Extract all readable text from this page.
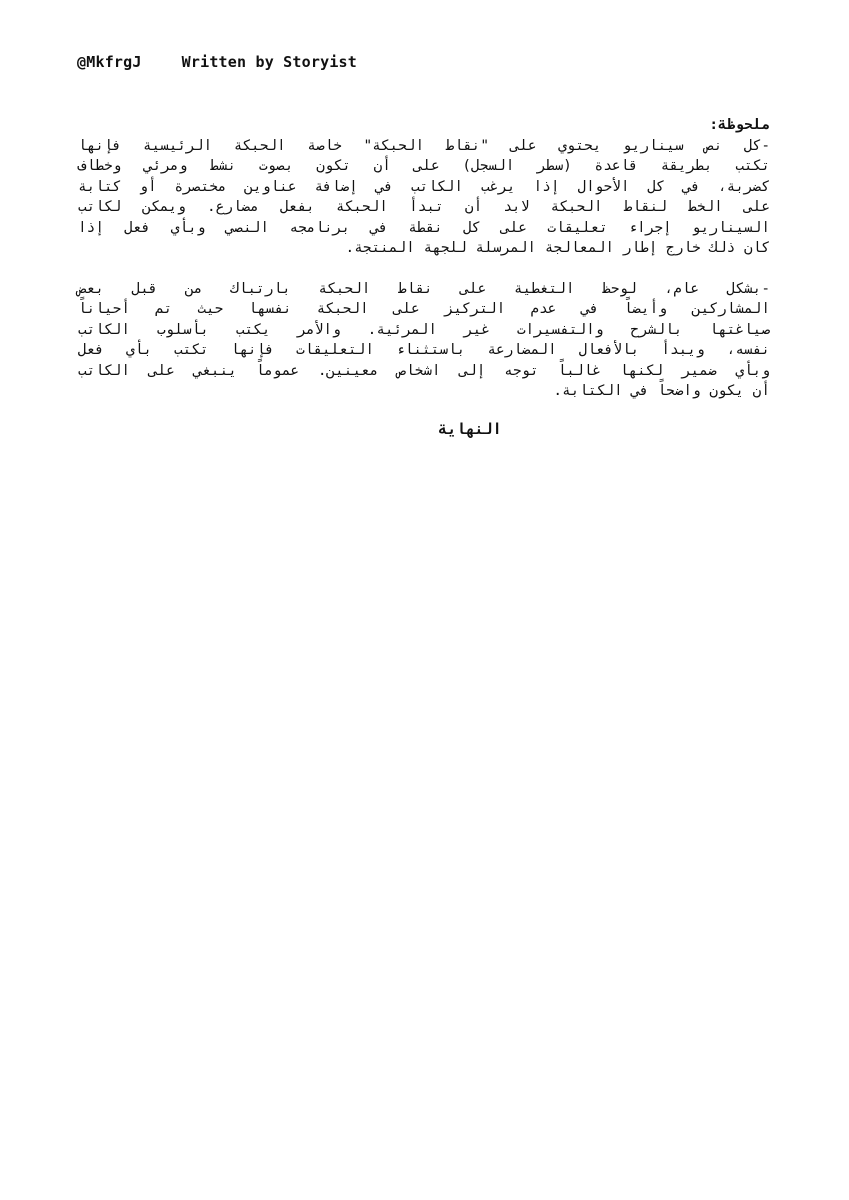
@MkfrgJ	Written by Storyist
ملحوظة:
-كل نص سيناريو يحتوي على "نقاط الحبكة" خاصة الحبكة الرئيسية فإنها
تكتب بطريقة قاعدة (سطر السجل) على أن تكون بصوت نشط ومرئي وخطاف
كضربة، في كل الأحوال إذا يرغب الكاتب في إضافة عناوين مختصرة أو كتابة
على الخط لنقاط الحبكة لابد أن تبدأ الحبكة بفعل مضارع. ويمكن لكاتب
السيناريو إجراء تعليقات على كل نقطة في برنامجه النصي وبأي فعل إذا
كان ذلك خارج إطار المعالجة المرسلة للجهة المنتجة.
-بشكل عام، لوحظ التغطية على نقاط الحبكة بارتباك من قبل بعض
المشاركين وأيضاً في عدم التركيز على الحبكة نفسها حيث تم أحياناً
صياغتها بالشرح والتفسيرات غير المرئية. والأمر يكتب بأسلوب الكاتب
نفسه، ويبدأ بالأفعال المضارعة باستثناء التعليقات فإنها تكتب بأي فعل
وبأي ضمير لكنها غالباً توجه إلى اشخاص معينين. عموماً ينبغي على الكاتب
أن يكون واضحاً في الكتابة.
النهاية
